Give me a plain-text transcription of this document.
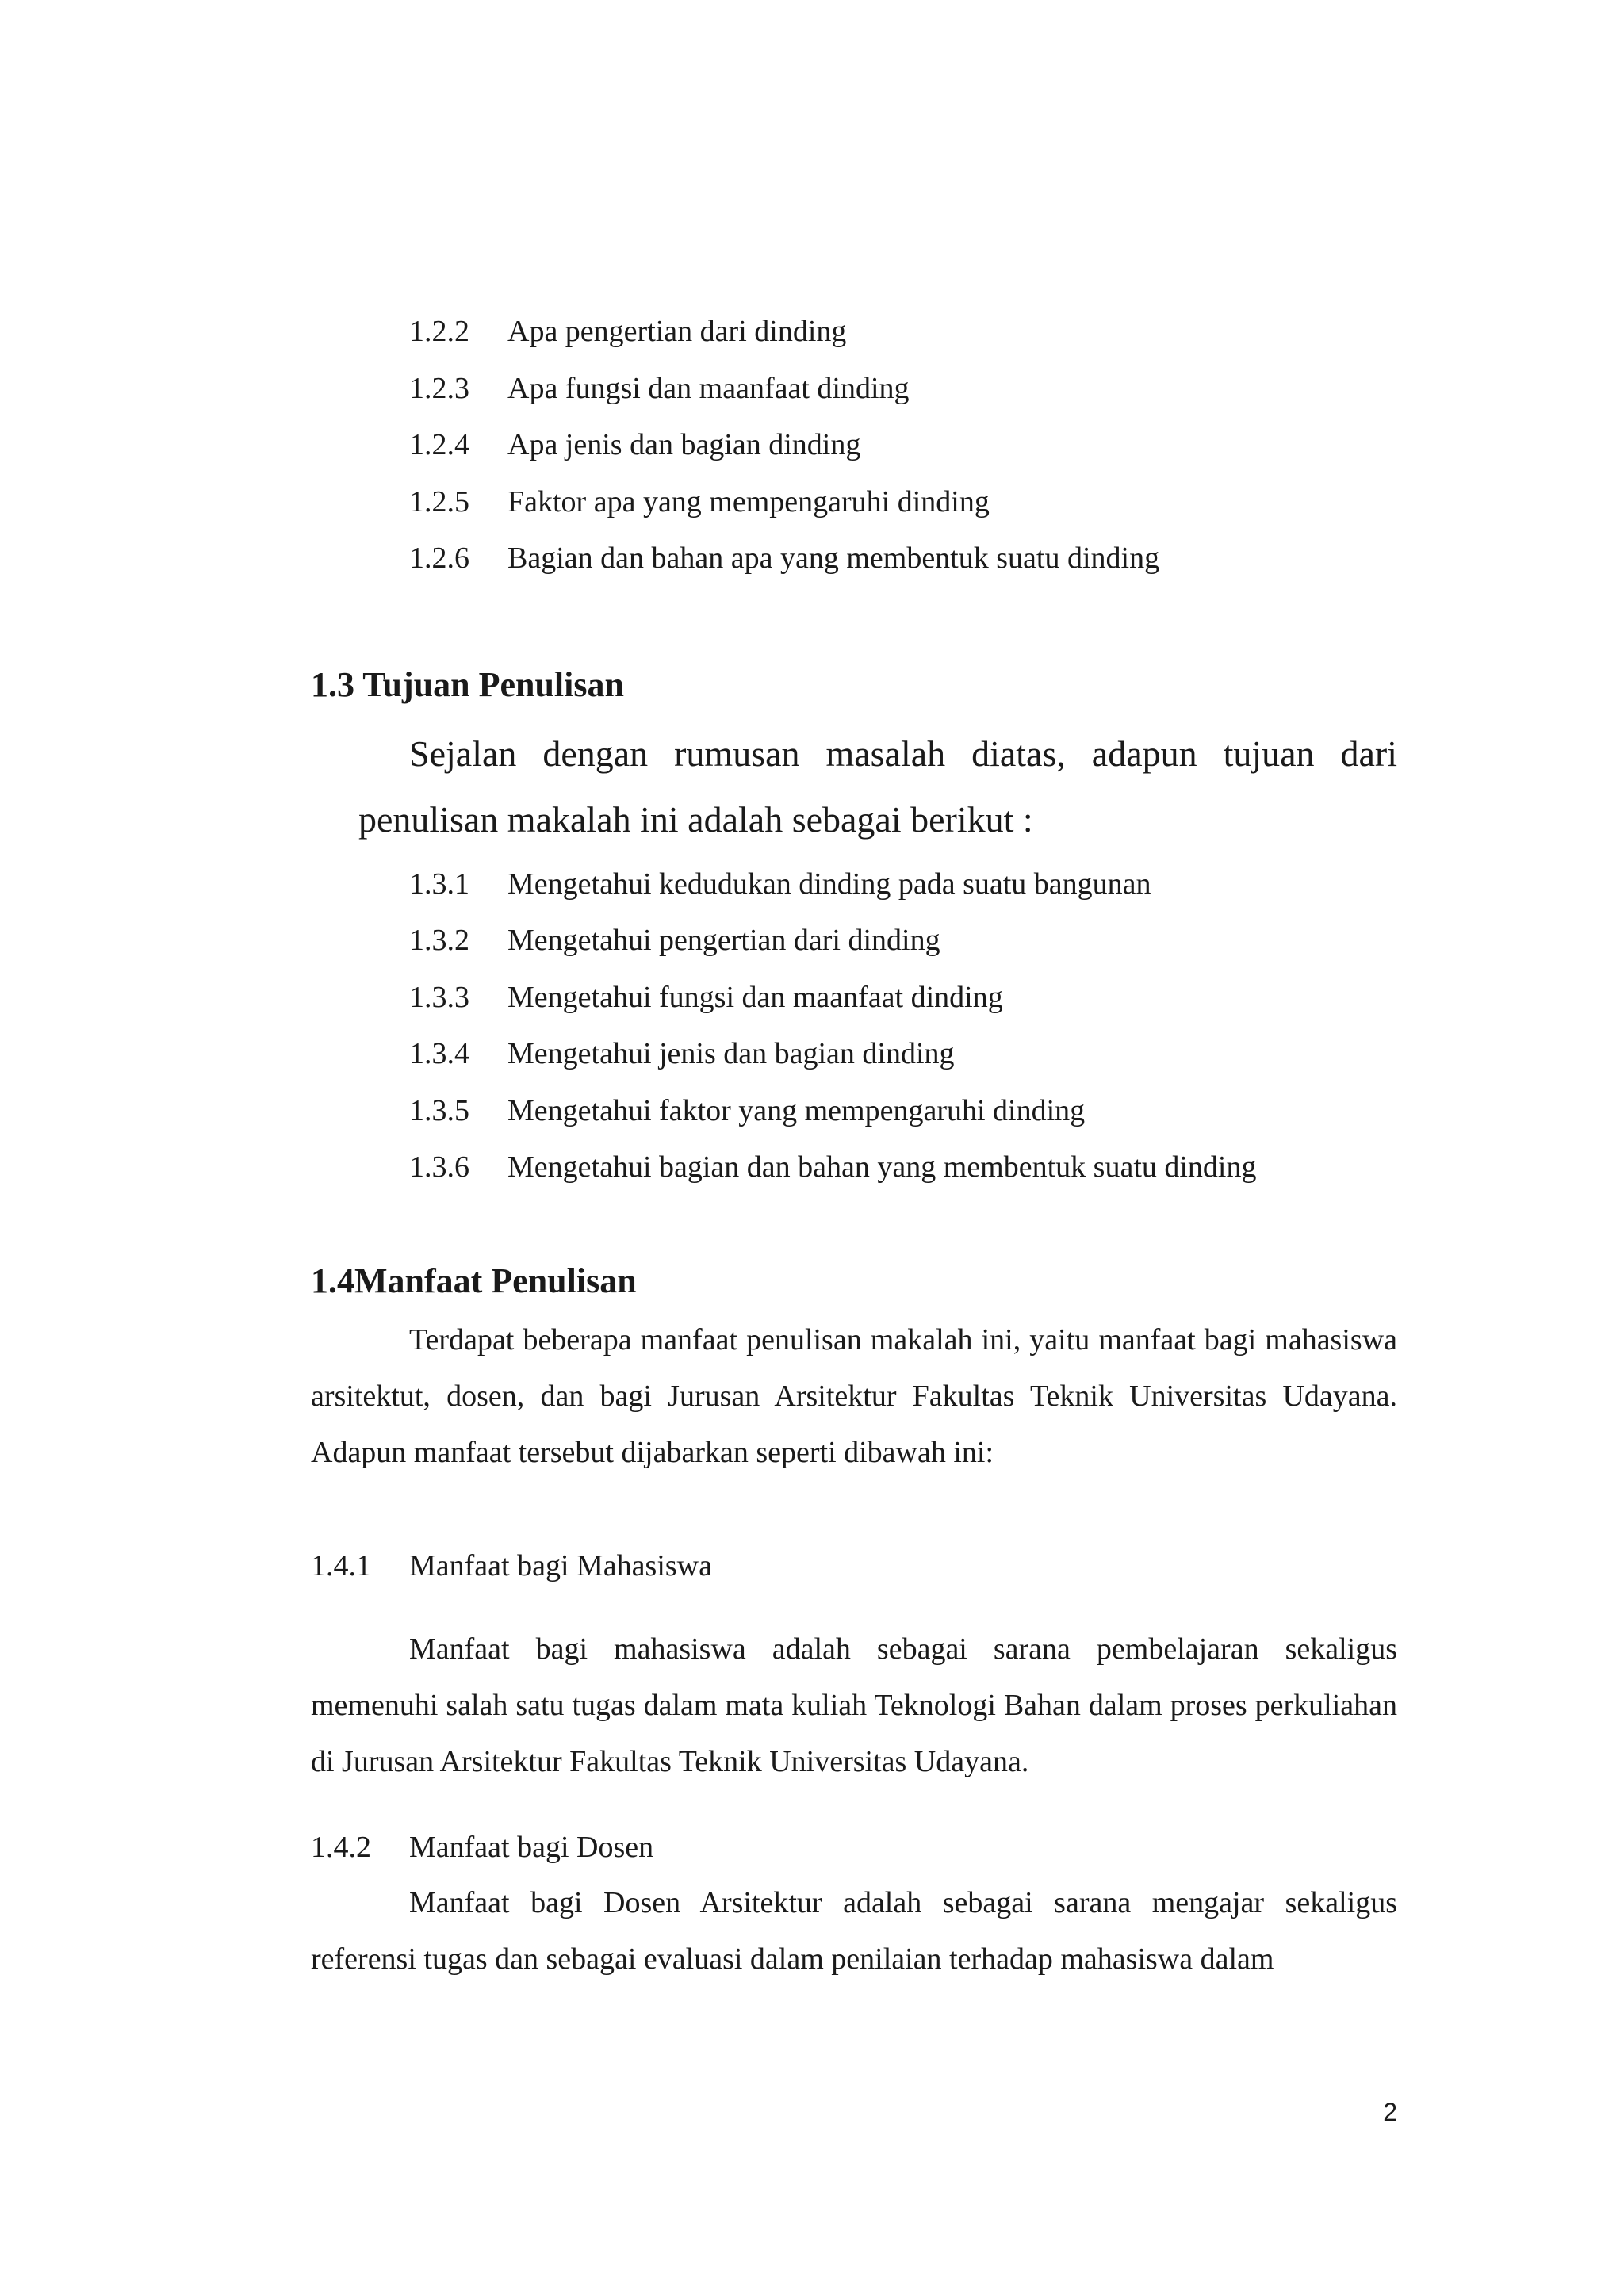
1.2.2 Apa pengertian dari dinding
1.2.3 Apa fungsi dan maanfaat dinding
1.2.4 Apa jenis dan bagian dinding
1.2.5 Faktor apa yang mempengaruhi dinding
1.2.6 Bagian dan bahan apa yang membentuk suatu dinding
1.3 Tujuan Penulisan
Sejalan dengan rumusan masalah diatas, adapun tujuan dari penulisan makalah ini adalah sebagai berikut :
1.3.1 Mengetahui kedudukan dinding pada suatu bangunan
1.3.2 Mengetahui pengertian dari dinding
1.3.3 Mengetahui fungsi dan maanfaat dinding
1.3.4 Mengetahui jenis dan bagian dinding
1.3.5 Mengetahui faktor yang mempengaruhi dinding
1.3.6 Mengetahui bagian dan bahan yang membentuk suatu dinding
1.4Manfaat Penulisan
Terdapat beberapa manfaat penulisan makalah ini, yaitu manfaat bagi mahasiswa arsitektut, dosen, dan bagi Jurusan Arsitektur Fakultas Teknik Universitas Udayana. Adapun manfaat tersebut dijabarkan seperti dibawah ini:
1.4.1 Manfaat bagi Mahasiswa
Manfaat bagi mahasiswa adalah sebagai sarana pembelajaran sekaligus memenuhi salah satu tugas dalam mata kuliah Teknologi Bahan dalam proses perkuliahan di Jurusan Arsitektur Fakultas Teknik Universitas Udayana.
1.4.2 Manfaat bagi Dosen
Manfaat bagi Dosen Arsitektur adalah sebagai sarana mengajar sekaligus referensi tugas dan sebagai evaluasi dalam penilaian terhadap mahasiswa dalam
2
